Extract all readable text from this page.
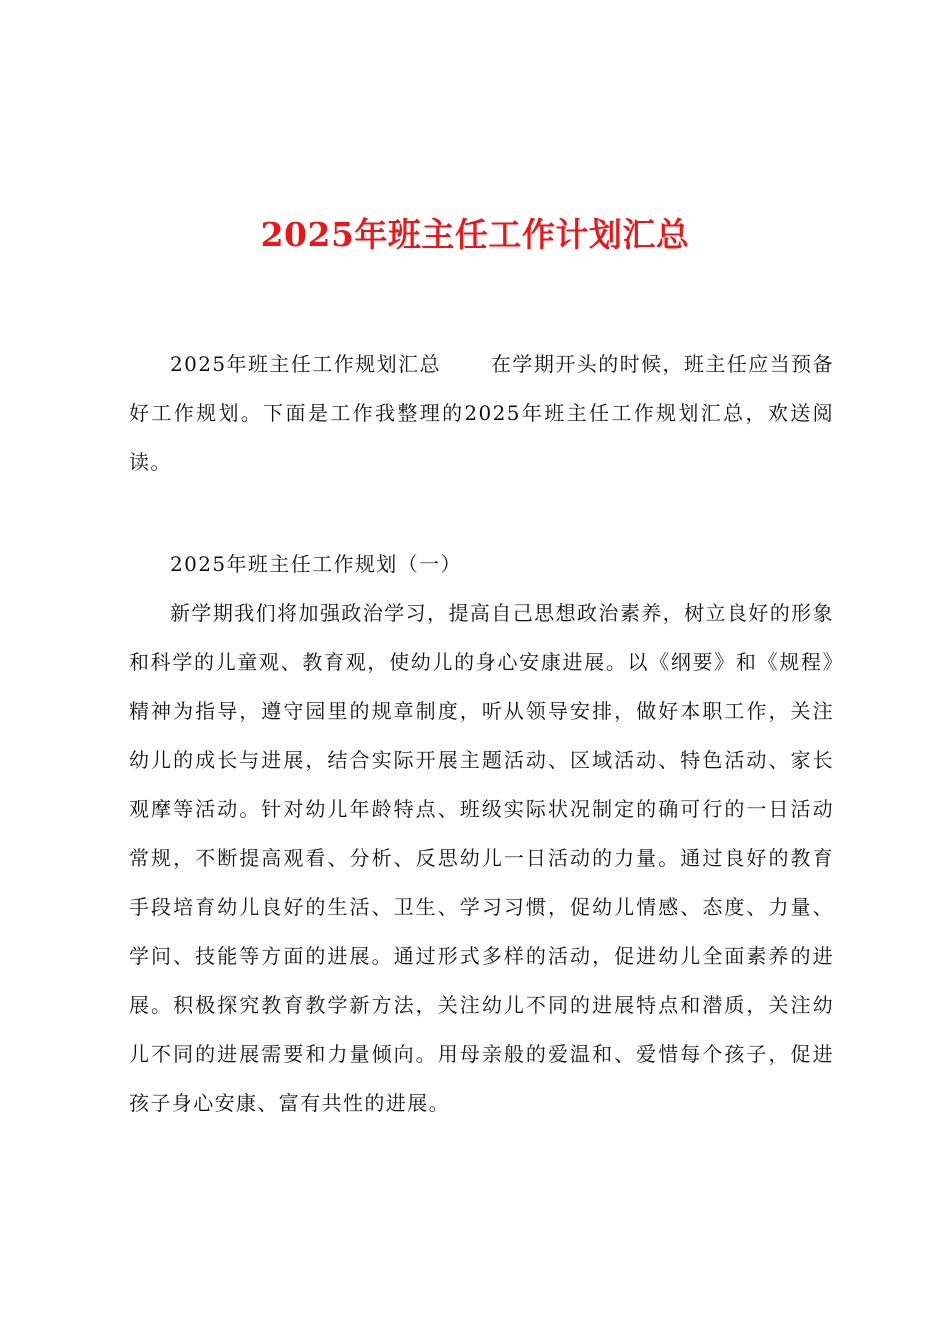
2025年班主任工作计划汇总

2025年班主任工作规划汇总	在学期开头的时候，班主任应当预备好工作规划。下面是工作我整理的2025年班主任工作规划汇总，欢送阅读。

2025年班主任工作规划（一）

新学期我们将加强政治学习，提高自己思想政治素养，树立良好的形象和科学的儿童观、教育观，使幼儿的身心安康进展。以《纲要》和《规程》精神为指导，遵守园里的规章制度，听从领导安排，做好本职工作，关注幼儿的成长与进展，结合实际开展主题活动、区域活动、特色活动、家长观摩等活动。针对幼儿年龄特点、班级实际状况制定的确可行的一日活动常规，不断提高观看、分析、反思幼儿一日活动的力量。通过良好的教育手段培育幼儿良好的生活、卫生、学习习惯，促幼儿情感、态度、力量、学问、技能等方面的进展。通过形式多样的活动，促进幼儿全面素养的进展。积极探究教育教学新方法，关注幼儿不同的进展特点和潜质，关注幼儿不同的进展需要和力量倾向。用母亲般的爱温和、爱惜每个孩子，促进孩子身心安康、富有共性的进展。
